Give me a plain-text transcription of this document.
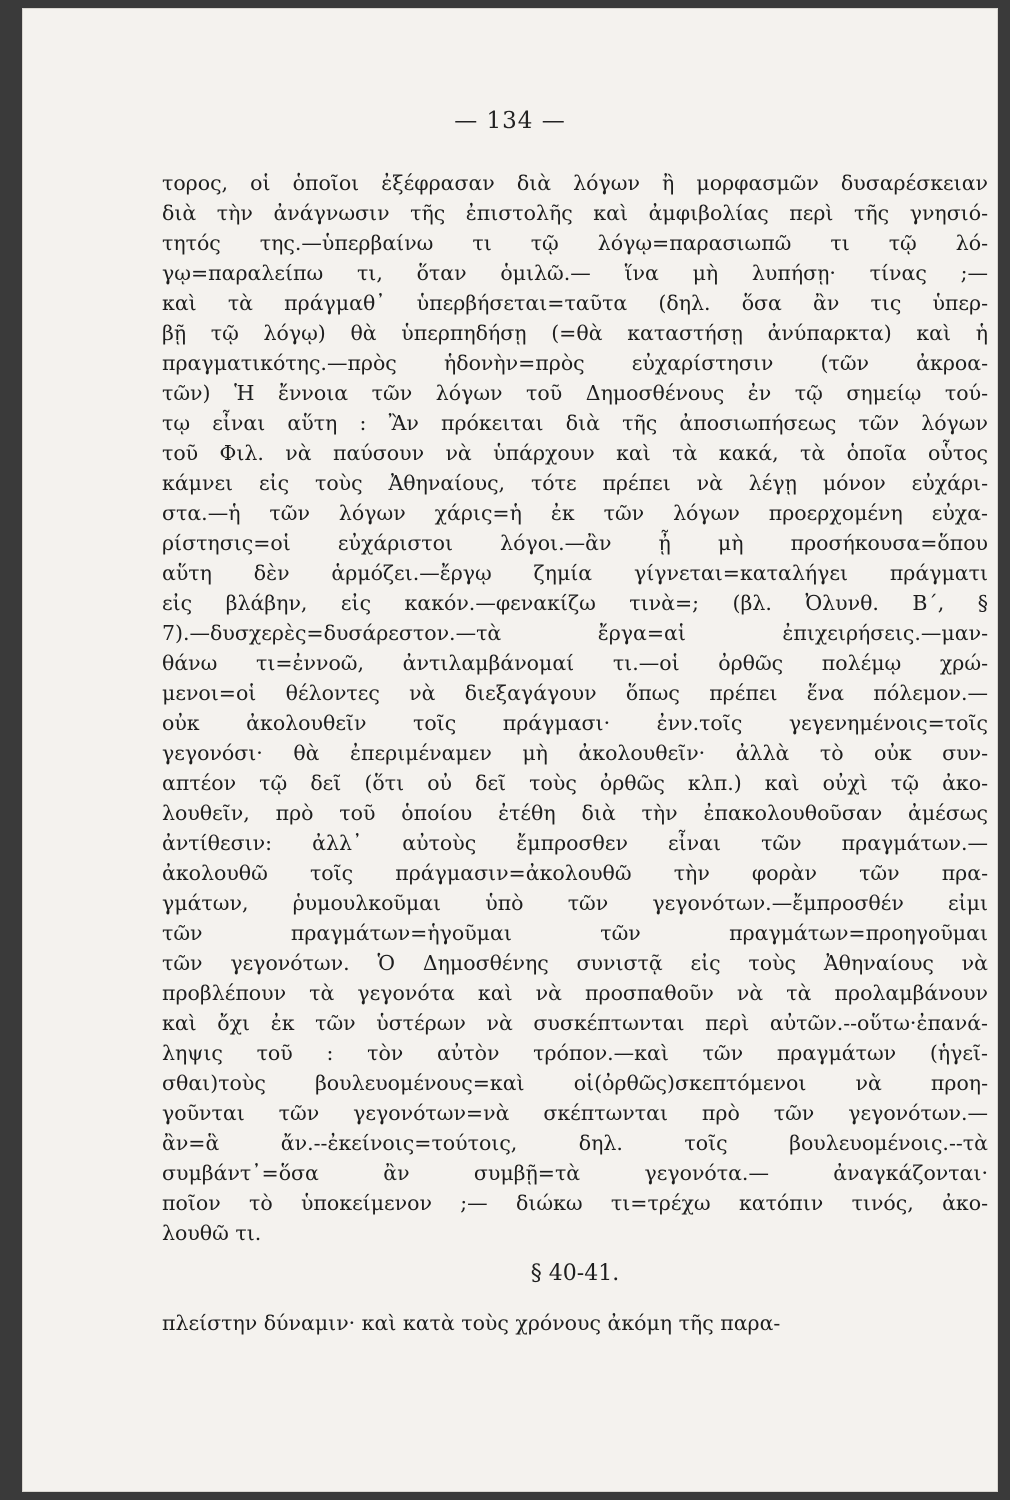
— 134 —
τορος, οἱ ὁποῖοι ἐξέφρασαν διὰ λόγων ἢ μορφασμῶν δυσαρέσκειαν
διὰ τὴν ἀνάγνωσιν τῆς ἐπιστολῆς καὶ ἀμφιβολίας περὶ τῆς γνησιό-
τητός της.—ὑπερβαίνω τι τῷ λόγῳ=παρασιωπῶ τι τῷ λό-
γῳ=παραλείπω τι, ὅταν ὁμιλῶ.— ἵνα μὴ λυπήσῃ· τίνας ;—
καὶ τὰ πράγμαθ᾿ ὑπερβήσεται=ταῦτα (δηλ. ὅσα ἂν τις ὑπερ-
βῇ τῷ λόγῳ) θὰ ὑπερπηδήσῃ (=θὰ καταστήσῃ ἀνύπαρκτα) καὶ ἡ
πραγματικότης.—πρὸς ἡδονὴν=πρὸς εὐχαρίστησιν (τῶν ἀκροα-
τῶν) Ἡ ἔννοια τῶν λόγων τοῦ Δημοσθένους ἐν τῷ σημείῳ τού-
τῳ εἶναι αὕτη : Ἂν πρόκειται διὰ τῆς ἀποσιωπήσεως τῶν λόγων
τοῦ Φιλ. νὰ παύσουν νὰ ὑπάρχουν καὶ τὰ κακά, τὰ ὁποῖα οὗτος
κάμνει εἰς τοὺς Ἀθηναίους, τότε πρέπει νὰ λέγῃ μόνον εὐχάρι-
στα.—ἡ τῶν λόγων χάρις=ἡ ἐκ τῶν λόγων προερχομένη εὐχα-
ρίστησις=οἱ εὐχάριστοι λόγοι.—ἂν ᾖ μὴ προσήκουσα=ὅπου
αὕτη δὲν ἁρμόζει.—ἔργῳ ζημία γίγνεται=καταλήγει πράγματι
εἰς βλάβην, εἰς κακόν.—φενακίζω τινὰ=; (βλ. Ὀλυνθ. Β΄, §
7).—δυσχερὲς=δυσάρεστον.—τὰ ἔργα=αἱ ἐπιχειρήσεις.—μαν-
θάνω τι=ἐννοῶ, ἀντιλαμβάνομαί τι.—οἱ ὀρθῶς πολέμῳ χρώ-
μενοι=οἱ θέλοντες νὰ διεξαγάγουν ὅπως πρέπει ἕνα πόλεμον.—
οὐκ ἀκολουθεῖν τοῖς πράγμασι· ἐνν.τοῖς γεγενημένοις=τοῖς
γεγονόσι· θὰ ἐπεριμέναμεν μὴ ἀκολουθεῖν· ἀλλὰ τὸ οὐκ συν-
απτέον τῷ δεῖ (ὅτι οὐ δεῖ τοὺς ὀρθῶς κλπ.) καὶ οὐχὶ τῷ ἀκο-
λουθεῖν, πρὸ τοῦ ὁποίου ἐτέθη διὰ τὴν ἐπακολουθοῦσαν ἀμέσως
ἀντίθεσιν: ἀλλ᾿ αὐτοὺς ἔμπροσθεν εἶναι τῶν πραγμάτων.—
ἀκολουθῶ τοῖς πράγμασιν=ἀκολουθῶ τὴν φορὰν τῶν πρα-
γμάτων, ῥυμουλκοῦμαι ὑπὸ τῶν γεγονότων.—ἔμπροσθέν εἰμι
τῶν πραγμάτων=ἡγοῦμαι τῶν πραγμάτων=προηγοῦμαι
τῶν γεγονότων. Ὁ Δημοσθένης συνιστᾷ εἰς τοὺς Ἀθηναίους νὰ
προβλέπουν τὰ γεγονότα καὶ νὰ προσπαθοῦν νὰ τὰ προλαμβάνουν
καὶ ὄχι ἐκ τῶν ὑστέρων νὰ συσκέπτωνται περὶ αὐτῶν.--οὕτω·ἐπανά-
ληψις τοῦ : τὸν αὐτὸν τρόπον.—καὶ τῶν πραγμάτων (ἡγεῖ-
σθαι)τοὺς βουλευομένους=καὶ οἱ(ὀρθῶς)σκεπτόμενοι νὰ προη-
γοῦνται τῶν γεγονότων=νὰ σκέπτωνται πρὸ τῶν γεγονότων.—
ἂν=ἃ ἄν.--ἐκείνοις=τούτοις, δηλ. τοῖς βουλευομένοις.--τὰ
συμβάντ᾿=ὅσα ἂν συμβῇ=τὰ γεγονότα.— ἀναγκάζονται·
ποῖον τὸ ὑποκείμενον ;— διώκω τι=τρέχω κατόπιν τινός, ἀκο-
λουθῶ τι.
§ 40-41.
πλείστην δύναμιν· καὶ κατὰ τοὺς χρόνους ἀκόμη τῆς παρα-
